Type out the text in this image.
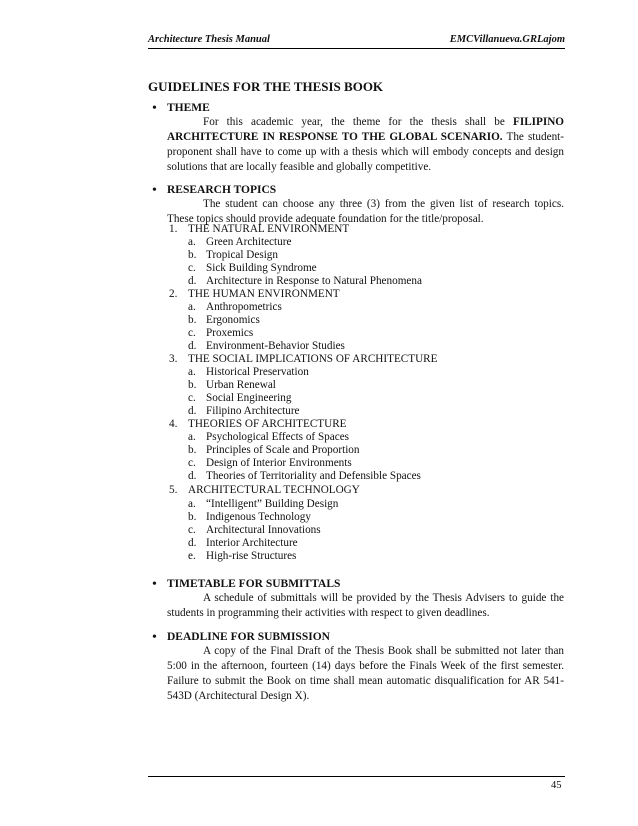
Architecture Thesis Manual	EMCVillanueva.GRLajom
GUIDELINES FOR THE THESIS BOOK
• THEME
For this academic year, the theme for the thesis shall be FILIPINO ARCHITECTURE IN RESPONSE TO THE GLOBAL SCENARIO. The student-proponent shall have to come up with a thesis which will embody concepts and design solutions that are locally feasible and globally competitive.
• RESEARCH TOPICS
The student can choose any three (3) from the given list of research topics. These topics should provide adequate foundation for the title/proposal.
1. THE NATURAL ENVIRONMENT
a. Green Architecture
b. Tropical Design
c. Sick Building Syndrome
d. Architecture in Response to Natural Phenomena
2. THE HUMAN ENVIRONMENT
a. Anthropometrics
b. Ergonomics
c. Proxemics
d. Environment-Behavior Studies
3. THE SOCIAL IMPLICATIONS OF ARCHITECTURE
a. Historical Preservation
b. Urban Renewal
c. Social Engineering
d. Filipino Architecture
4. THEORIES OF ARCHITECTURE
a. Psychological Effects of Spaces
b. Principles of Scale and Proportion
c. Design of Interior Environments
d. Theories of Territoriality and Defensible Spaces
5. ARCHITECTURAL TECHNOLOGY
a. “Intelligent” Building Design
b. Indigenous Technology
c. Architectural Innovations
d. Interior Architecture
e. High-rise Structures
• TIMETABLE FOR SUBMITTALS
A schedule of submittals will be provided by the Thesis Advisers to guide the students in programming their activities with respect to given deadlines.
• DEADLINE FOR SUBMISSION
A copy of the Final Draft of the Thesis Book shall be submitted not later than 5:00 in the afternoon, fourteen (14) days before the Finals Week of the first semester. Failure to submit the Book on time shall mean automatic disqualification for AR 541-543D (Architectural Design X).
45
